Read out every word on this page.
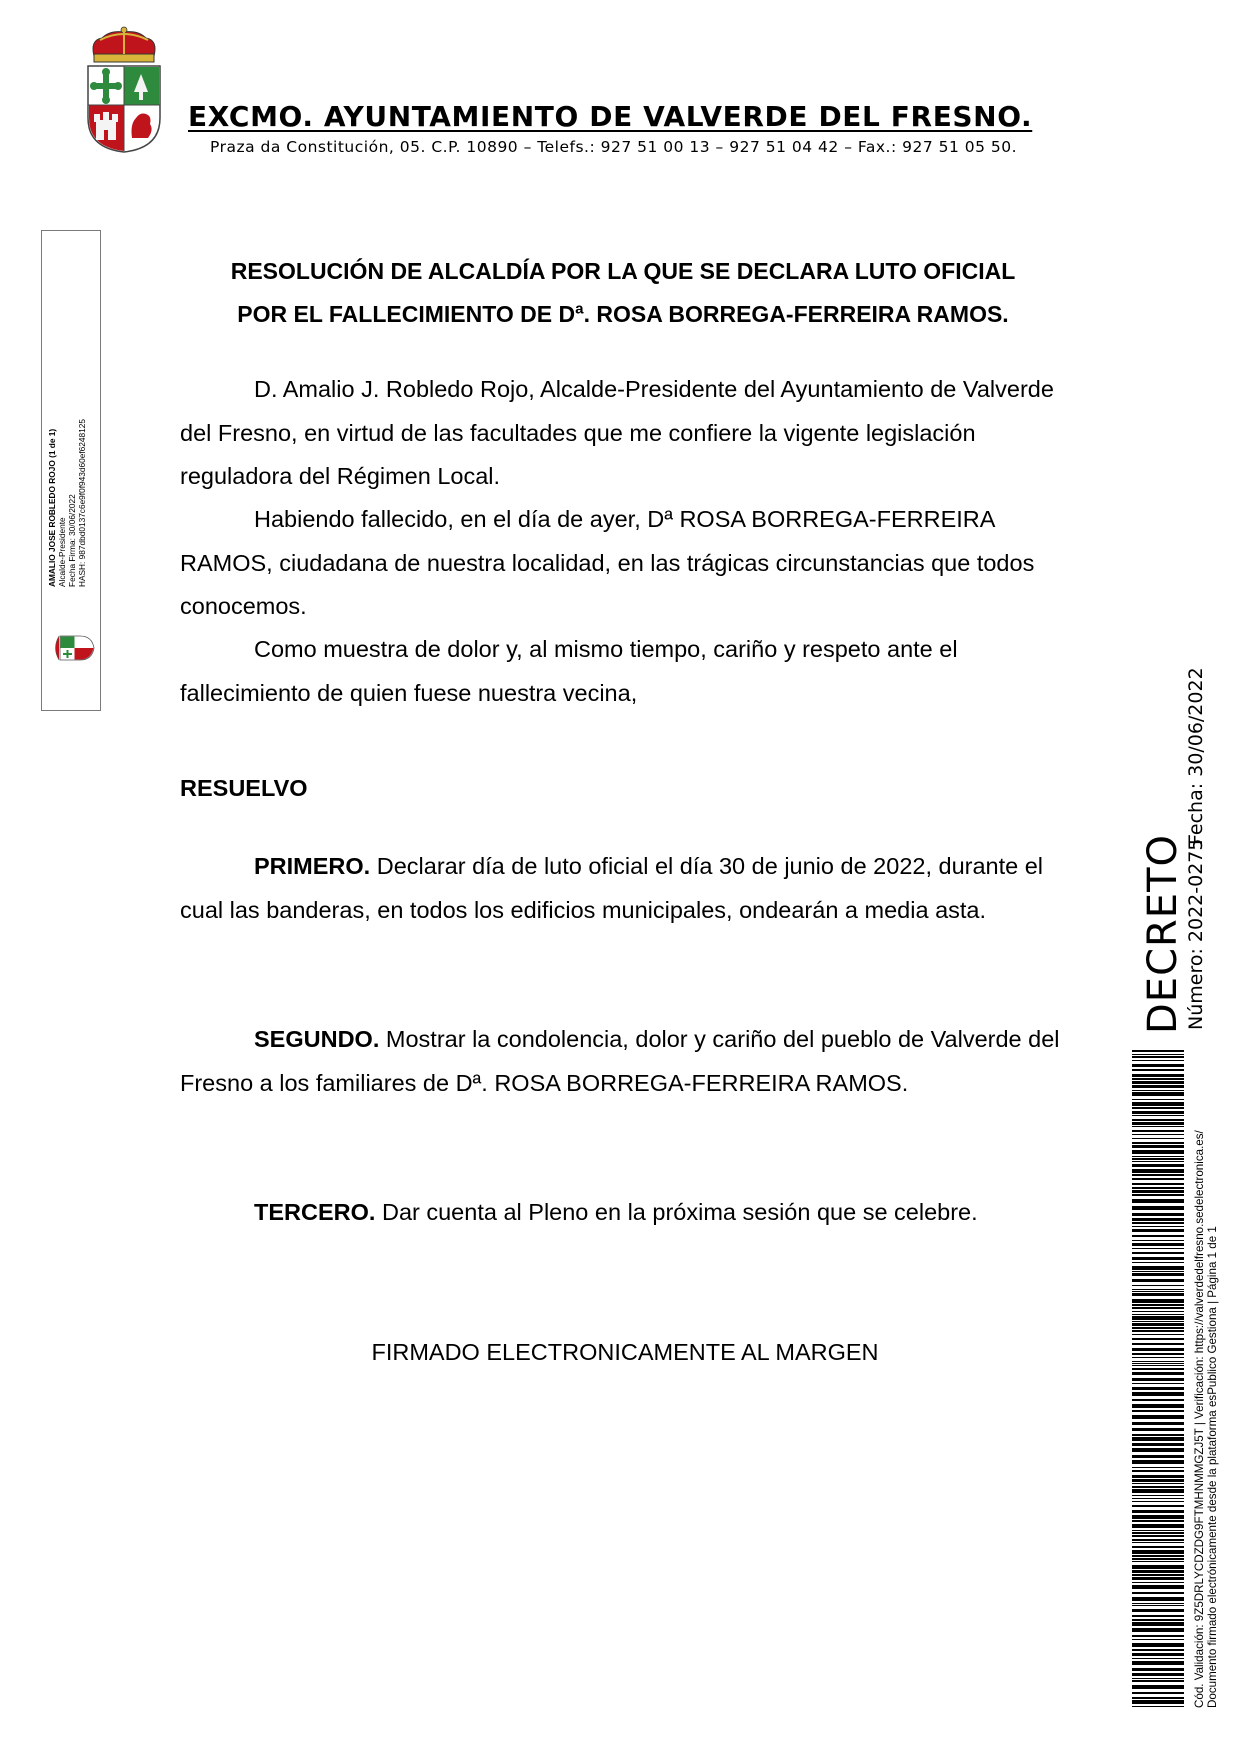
EXCMO. AYUNTAMIENTO DE VALVERDE DEL FRESNO.
Praza da Constitución, 05. C.P. 10890 – Telefs.: 927 51 00 13 – 927 51 04 42 – Fax.: 927 51 05 50.
AMALIO JOSE ROBLEDO ROJO (1 de 1) Alcalde-Presidente Fecha Firma: 30/06/2022 HASH: 987dbd0137c6e9f0f943d60ef6248125
RESOLUCIÓN DE ALCALDÍA POR LA QUE SE DECLARA LUTO OFICIAL
POR EL FALLECIMIENTO DE Dª. ROSA BORREGA-FERREIRA RAMOS.

D. Amalio J. Robledo Rojo, Alcalde-Presidente del Ayuntamiento de Valverde del Fresno, en virtud de las facultades que me confiere la vigente legislación reguladora del Régimen Local.

Habiendo fallecido, en el día de ayer, Dª ROSA BORREGA-FERREIRA RAMOS, ciudadana de nuestra localidad, en las trágicas circunstancias que todos conocemos.

Como muestra de dolor y, al mismo tiempo, cariño y respeto ante el fallecimiento de quien fuese nuestra vecina,

RESUELVO

PRIMERO. Declarar día de luto oficial el día 30 de junio de 2022, durante el cual las banderas, en todos los edificios municipales, ondearán a media asta.

SEGUNDO. Mostrar la condolencia, dolor y cariño del pueblo de Valverde del Fresno a los familiares de Dª. ROSA BORREGA-FERREIRA RAMOS.

TERCERO. Dar cuenta al Pleno en la próxima sesión que se celebre.

FIRMADO ELECTRONICAMENTE AL MARGEN
Fecha: 30/06/2022
Número: 2022-0275
DECRETO
Cód. Validación: 9Z5DRLYCDZDG9FTMHNMMGZJ5T | Verificación: https://valverdedelfresno.sedelectronica.es/ Documento firmado electrónicamente desde la plataforma esPublico Gestiona | Página 1 de 1
